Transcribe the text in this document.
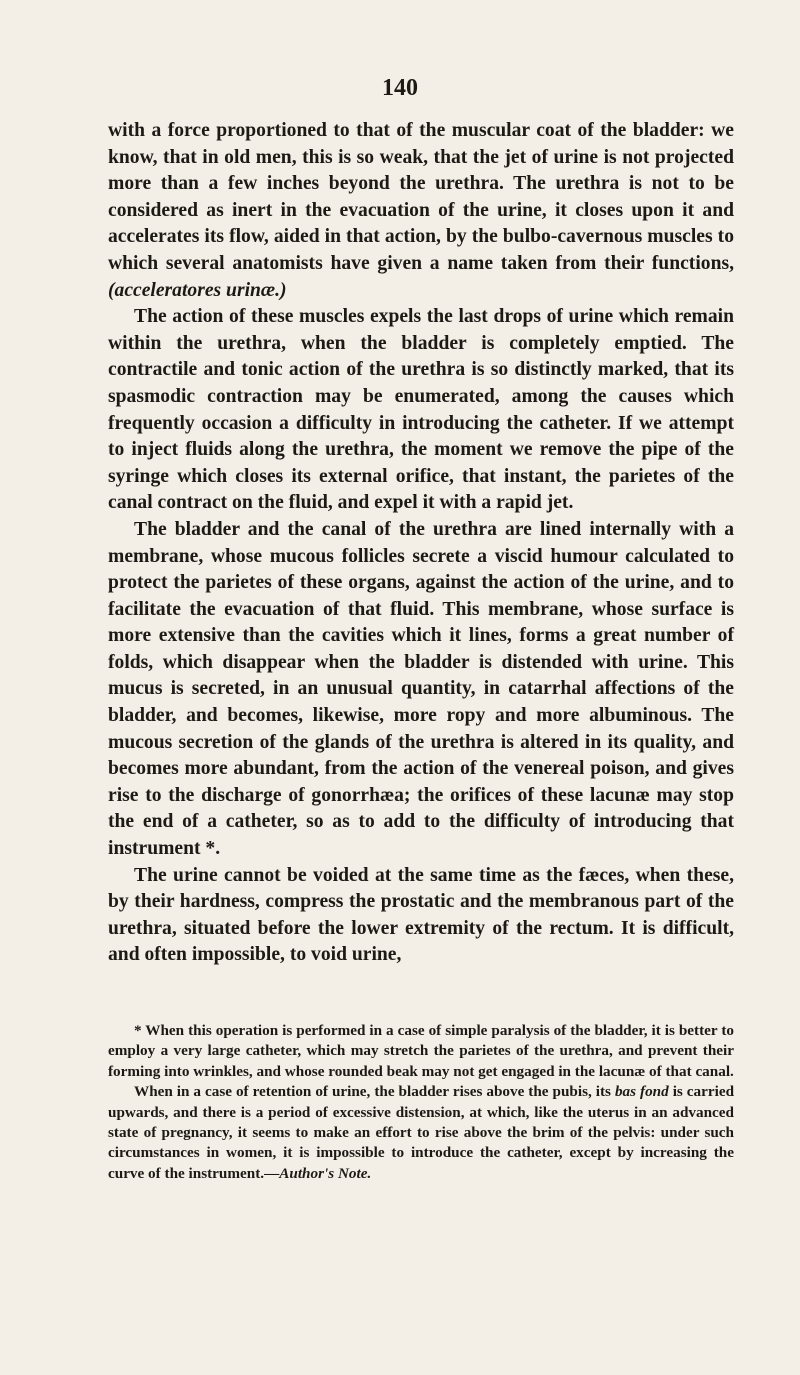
140

with a force proportioned to that of the muscular coat of the bladder: we know, that in old men, this is so weak, that the jet of urine is not projected more than a few inches beyond the urethra. The urethra is not to be considered as inert in the evacuation of the urine, it closes upon it and accelerates its flow, aided in that action, by the bulbo-cavernous muscles to which several anatomists have given a name taken from their functions, (acceleratores urinæ.)

The action of these muscles expels the last drops of urine which remain within the urethra, when the bladder is completely emptied. The contractile and tonic action of the urethra is so distinctly marked, that its spasmodic contraction may be enumerated, among the causes which frequently occasion a difficulty in introducing the catheter. If we attempt to inject fluids along the urethra, the moment we remove the pipe of the syringe which closes its external orifice, that instant, the parietes of the canal contract on the fluid, and expel it with a rapid jet.

The bladder and the canal of the urethra are lined internally with a membrane, whose mucous follicles secrete a viscid humour calculated to protect the parietes of these organs, against the action of the urine, and to facilitate the evacuation of that fluid. This membrane, whose surface is more extensive than the cavities which it lines, forms a great number of folds, which disappear when the bladder is distended with urine. This mucus is secreted, in an unusual quantity, in catarrhal affections of the bladder, and becomes, likewise, more ropy and more albuminous. The mucous secretion of the glands of the urethra is altered in its quality, and becomes more abundant, from the action of the venereal poison, and gives rise to the discharge of gonorrhæa; the orifices of these lacunæ may stop the end of a catheter, so as to add to the difficulty of introducing that instrument *.

The urine cannot be voided at the same time as the fæces, when these, by their hardness, compress the prostatic and the membranous part of the urethra, situated before the lower extremity of the rectum. It is difficult, and often impossible, to void urine,

* When this operation is performed in a case of simple paralysis of the bladder, it is better to employ a very large catheter, which may stretch the parietes of the urethra, and prevent their forming into wrinkles, and whose rounded beak may not get engaged in the lacunæ of that canal.

When in a case of retention of urine, the bladder rises above the pubis, its bas fond is carried upwards, and there is a period of excessive distension, at which, like the uterus in an advanced state of pregnancy, it seems to make an effort to rise above the brim of the pelvis: under such circumstances in women, it is impossible to introduce the catheter, except by increasing the curve of the instrument.—Author's Note.
